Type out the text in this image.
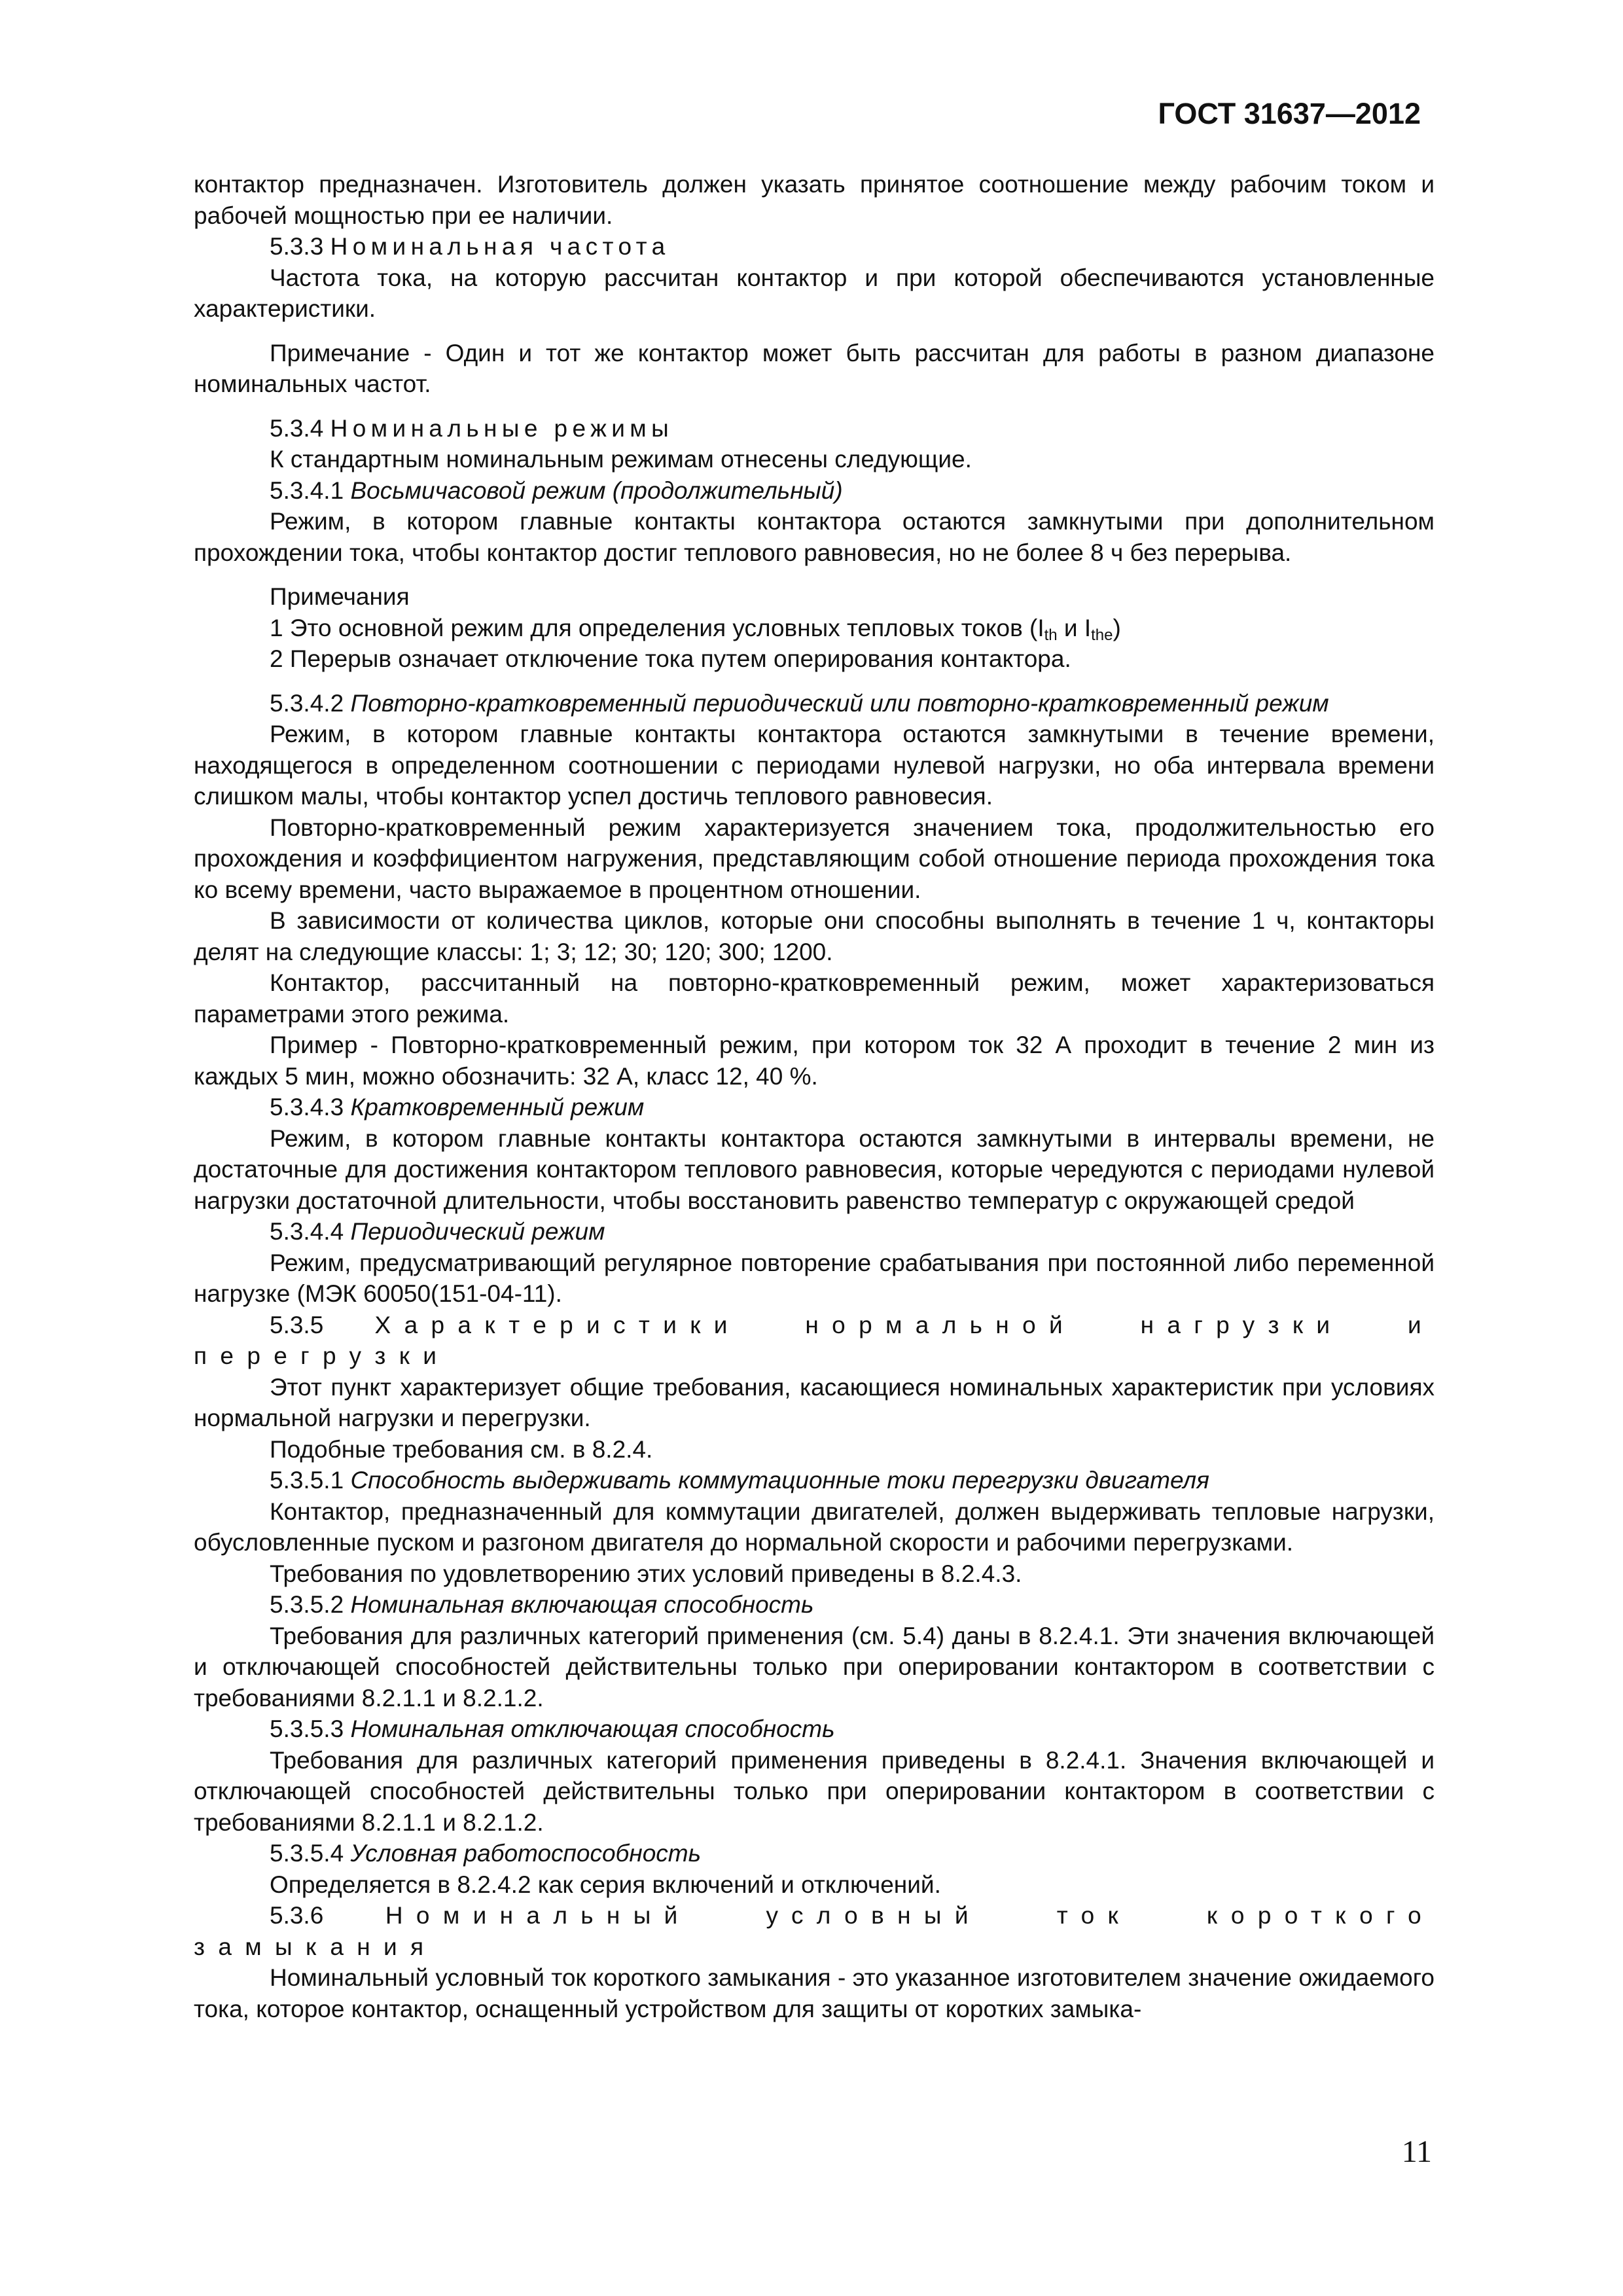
ГОСТ 31637—2012

контактор предназначен. Изготовитель должен указать принятое соотношение между рабочим током и рабочей мощностью при ее наличии.

5.3.3 Номинальная частота

Частота тока, на которую рассчитан контактор и при которой обеспечиваются установленные характеристики.

Примечание - Один и тот же контактор может быть рассчитан для работы в разном диапазоне номинальных частот.

5.3.4 Номинальные режимы

К стандартным номинальным режимам отнесены следующие.

5.3.4.1 Восьмичасовой режим (продолжительный)

Режим, в котором главные контакты контактора остаются замкнутыми при дополнительном прохождении тока, чтобы контактор достиг теплового равновесия, но не более 8 ч без перерыва.

Примечания

1 Это основной режим для определения условных тепловых токов ($I_{th}$ и $I_{the}$)

2 Перерыв означает отключение тока путем оперирования контактора.

5.3.4.2 Повторно-кратковременный периодический или повторно-кратковременный режим

Режим, в котором главные контакты контактора остаются замкнутыми в течение времени, находящегося в определенном соотношении с периодами нулевой нагрузки, но оба интервала времени слишком малы, чтобы контактор успел достичь теплового равновесия.

Повторно-кратковременный режим характеризуется значением тока, продолжительностью его прохождения и коэффициентом нагружения, представляющим собой отношение периода прохождения тока ко всему времени, часто выражаемое в процентном отношении.

В зависимости от количества циклов, которые они способны выполнять в течение 1 ч, контакторы делят на следующие классы: 1; 3; 12; 30; 120; 300; 1200.

Контактор, рассчитанный на повторно-кратковременный режим, может характеризоваться параметрами этого режима.

Пример - Повторно-кратковременный режим, при котором ток 32 А проходит в течение 2 мин из каждых 5 мин, можно обозначить: 32 А, класс 12, 40 %.

5.3.4.3 Кратковременный режим

Режим, в котором главные контакты контактора остаются замкнутыми в интервалы времени, не достаточные для достижения контактором теплового равновесия, которые чередуются с периодами нулевой нагрузки достаточной длительности, чтобы восстановить равенство температур с окружающей средой

5.3.4.4 Периодический режим

Режим, предусматривающий регулярное повторение срабатывания при постоянной либо переменной нагрузке (МЭК 60050(151-04-11).

5.3.5 Характеристики нормальной нагрузки и перегрузки

Этот пункт характеризует общие требования, касающиеся номинальных характеристик при условиях нормальной нагрузки и перегрузки.

Подобные требования см. в 8.2.4.

5.3.5.1 Способность выдерживать коммутационные токи перегрузки двигателя

Контактор, предназначенный для коммутации двигателей, должен выдерживать тепловые нагрузки, обусловленные пуском и разгоном двигателя до нормальной скорости и рабочими перегрузками.

Требования по удовлетворению этих условий приведены в 8.2.4.3.

5.3.5.2 Номинальная включающая способность

Требования для различных категорий применения (см. 5.4) даны в 8.2.4.1. Эти значения включающей и отключающей способностей действительны только при оперировании контактором в соответствии с требованиями 8.2.1.1 и 8.2.1.2.

5.3.5.3 Номинальная отключающая способность

Требования для различных категорий применения приведены в 8.2.4.1. Значения включающей и отключающей способностей действительны только при оперировании контактором в соответствии с требованиями 8.2.1.1 и 8.2.1.2.

5.3.5.4 Условная работоспособность

Определяется в 8.2.4.2 как серия включений и отключений.

5.3.6	Номинальный условный ток короткого замыкания

Номинальный условный ток короткого замыкания - это указанное изготовителем значение ожидаемого тока, которое контактор, оснащенный устройством для защиты от коротких замыка-

11
